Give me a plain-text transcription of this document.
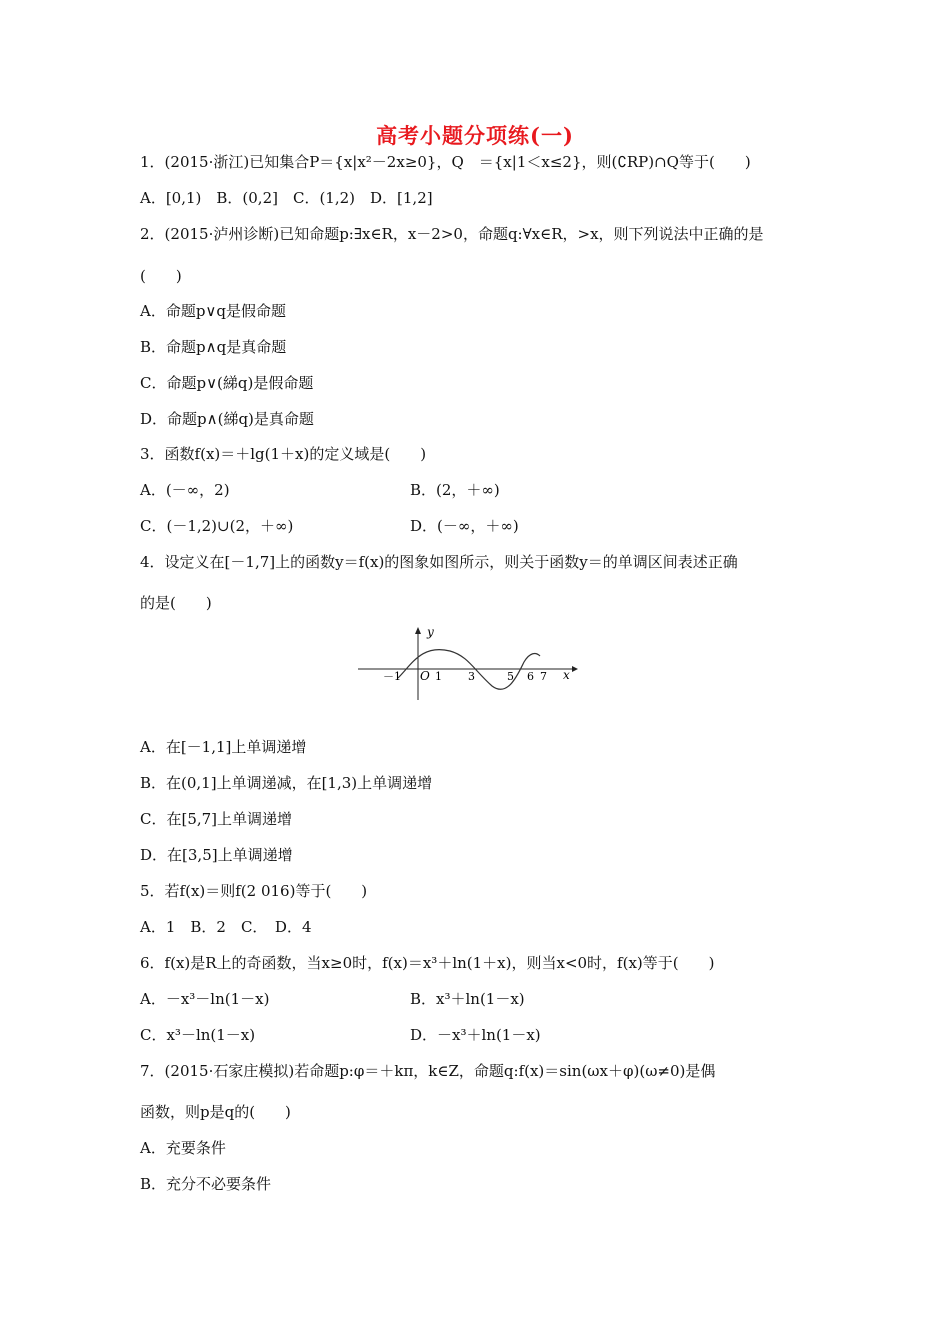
高考小题分项练(一)
1．(2015·浙江)已知集合P＝{x|x²－2x≥0}，Q　＝{x|1＜x≤2}，则(∁RP)∩Q等于(　　)
A．[0,1)　B．(0,2]　C．(1,2)　D．[1,2]
2．(2015·泸州诊断)已知命题p:∃x∈R，x－2>0，命题q:∀x∈R，>x，则下列说法中正确的是
(　　)
A．命题p∨q是假命题
B．命题p∧q是真命题
C．命题p∨(綈q)是假命题
D．命题p∧(綈q)是真命题
3．函数f(x)＝＋lg(1＋x)的定义域是(　　)
A．(－∞，2)	B．(2，＋∞)
C．(－1,2)∪(2，＋∞)	D．(－∞，＋∞)
4．设定义在[－1,7]上的函数y＝f(x)的图象如图所示，则关于函数y＝的单调区间表述正确
的是(　　)
y
x
O
－1	1 3	5 6 7
A．在[－1,1]上单调递增
B．在(0,1]上单调递减，在[1,3)上单调递增
C．在[5,7]上单调递增
D．在[3,5]上单调递增
5．若f(x)＝则f(2 016)等于(　　)
A．1　B．2　C．　D．4
6．f(x)是R上的奇函数，当x≥0时，f(x)＝x³＋ln(1＋x)，则当x<0时，f(x)等于(　　)
A．－x³－ln(1－x)	B．x³＋ln(1－x)
C．x³－ln(1－x)	D．－x³＋ln(1－x)
7．(2015·石家庄模拟)若命题p:φ＝＋kπ，k∈Z，命题q:f(x)＝sin(ωx＋φ)(ω≠0)是偶
函数，则p是q的(　　)
A．充要条件
B．充分不必要条件
